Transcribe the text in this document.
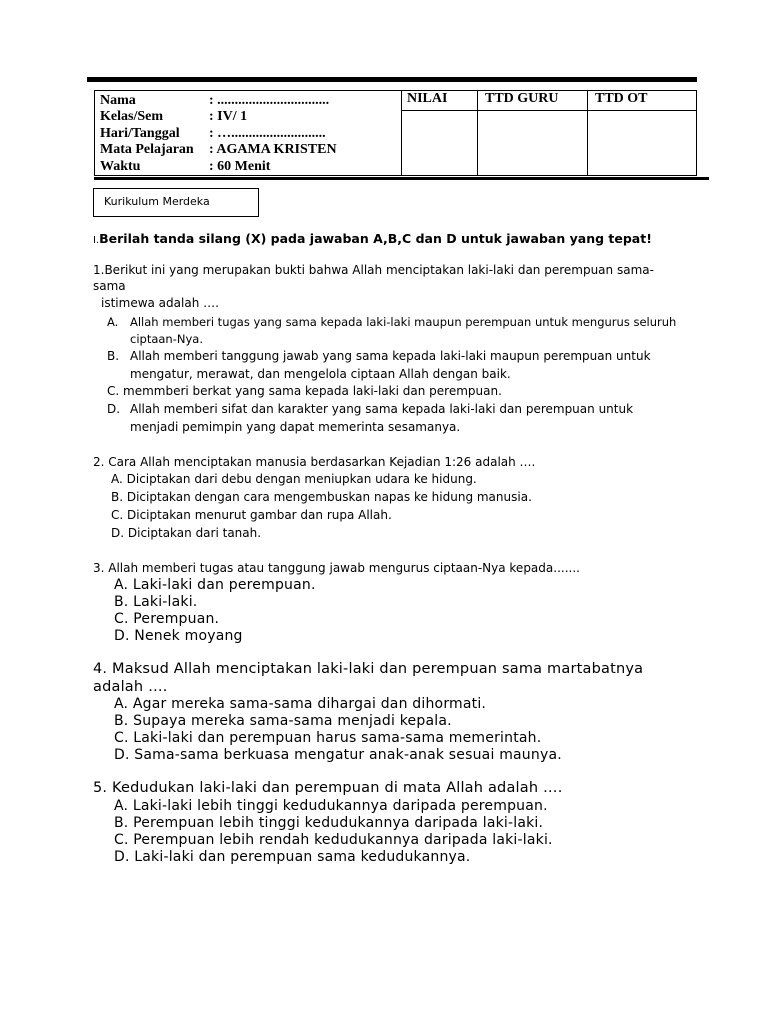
Nama	: ................................
Kelas/Sem	: IV/ 1
Hari/Tanggal : …...........................
Mata Pelajaran : AGAMA KRISTEN
Waktu	: 60 Menit
NILAI	TTD GURU	TTD OT
Kurikulum Merdeka
I.Berilah tanda silang (X) pada jawaban A,B,C dan D untuk jawaban yang tepat!
1.Berikut ini yang merupakan bukti bahwa Allah menciptakan laki-laki dan perempuan sama-
sama
istimewa adalah ….
A. Allah memberi tugas yang sama kepada laki-laki maupun perempuan untuk mengurus seluruh
ciptaan-Nya.
B. Allah memberi tanggung jawab yang sama kepada laki-laki maupun perempuan untuk
mengatur, merawat, dan mengelola ciptaan Allah dengan baik.
C. memmberi berkat yang sama kepada laki-laki dan perempuan.
D. Allah memberi sifat dan karakter yang sama kepada laki-laki dan perempuan untuk
menjadi pemimpin yang dapat memerinta sesamanya.
2. Cara Allah menciptakan manusia berdasarkan Kejadian 1:26 adalah ….
A. Diciptakan dari debu dengan meniupkan udara ke hidung.
B. Diciptakan dengan cara mengembuskan napas ke hidung manusia.
C. Diciptakan menurut gambar dan rupa Allah.
D. Diciptakan dari tanah.
3. Allah memberi tugas atau tanggung jawab mengurus ciptaan-Nya kepada.......
A. Laki-laki dan perempuan.
B. Laki-laki.
C. Perempuan.
D. Nenek moyang
4. Maksud Allah menciptakan laki-laki dan perempuan sama martabatnya
adalah ….
A. Agar mereka sama-sama dihargai dan dihormati.
B. Supaya mereka sama-sama menjadi kepala.
C. Laki-laki dan perempuan harus sama-sama memerintah.
D. Sama-sama berkuasa mengatur anak-anak sesuai maunya.
5. Kedudukan laki-laki dan perempuan di mata Allah adalah ….
A. Laki-laki lebih tinggi kedudukannya daripada perempuan.
B. Perempuan lebih tinggi kedudukannya daripada laki-laki.
C. Perempuan lebih rendah kedudukannya daripada laki-laki.
D. Laki-laki dan perempuan sama kedudukannya.
